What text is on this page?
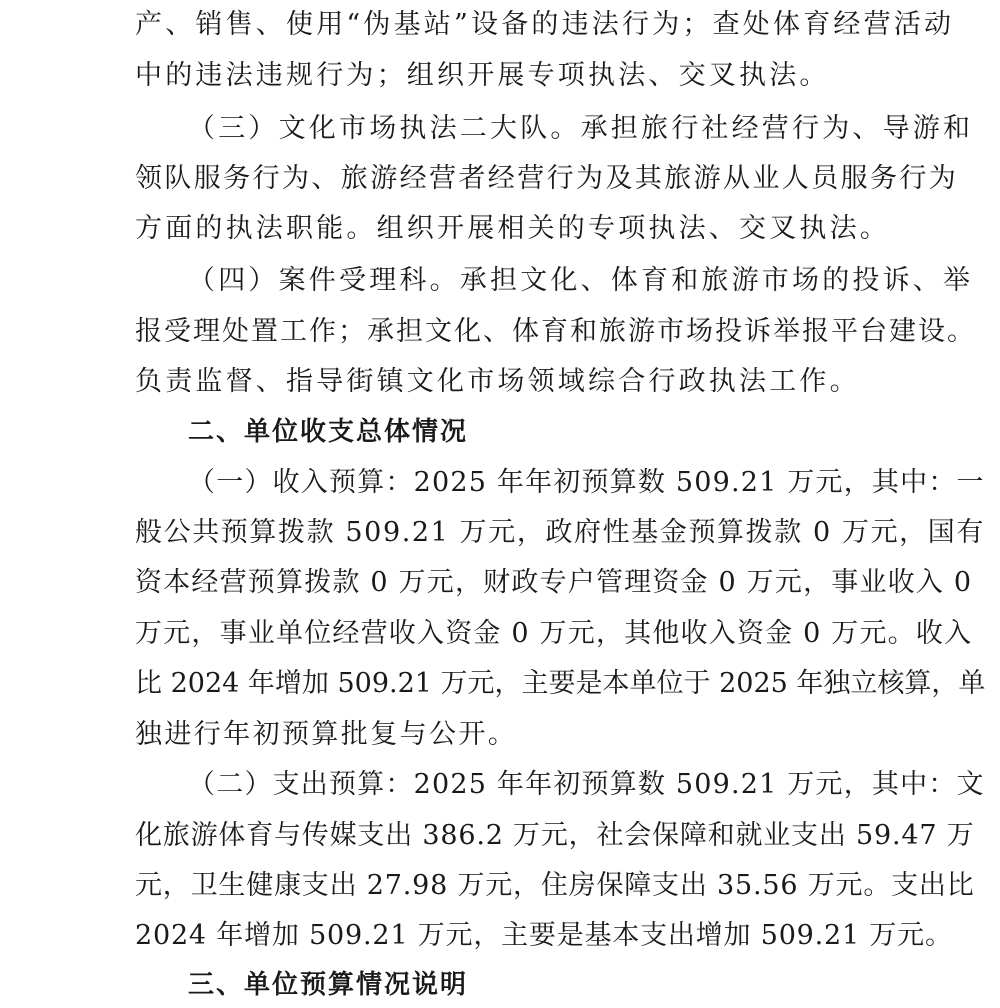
产、销售、使用“伪基站”设备的违法行为；查处体育经营活动
中的违法违规行为；组织开展专项执法、交叉执法。
（三）文化市场执法二大队。承担旅行社经营行为、导游和
领队服务行为、旅游经营者经营行为及其旅游从业人员服务行为
方面的执法职能。组织开展相关的专项执法、交叉执法。
（四）案件受理科。承担文化、体育和旅游市场的投诉、举
报受理处置工作；承担文化、体育和旅游市场投诉举报平台建设。
负责监督、指导街镇文化市场领域综合行政执法工作。
二、单位收支总体情况
（一）收入预算：2025 年年初预算数 509.21 万元，其中：一
般公共预算拨款 509.21 万元，政府性基金预算拨款 0 万元，国有
资本经营预算拨款 0 万元，财政专户管理资金 0 万元，事业收入 0
万元，事业单位经营收入资金 0 万元，其他收入资金 0 万元。收入
比 2024 年增加 509.21 万元，主要是本单位于 2025 年独立核算，单
独进行年初预算批复与公开。
（二）支出预算：2025 年年初预算数 509.21 万元，其中：文
化旅游体育与传媒支出 386.2 万元，社会保障和就业支出 59.47 万
元，卫生健康支出 27.98 万元，住房保障支出 35.56 万元。支出比
2024 年增加 509.21 万元，主要是基本支出增加 509.21 万元。
三、单位预算情况说明
